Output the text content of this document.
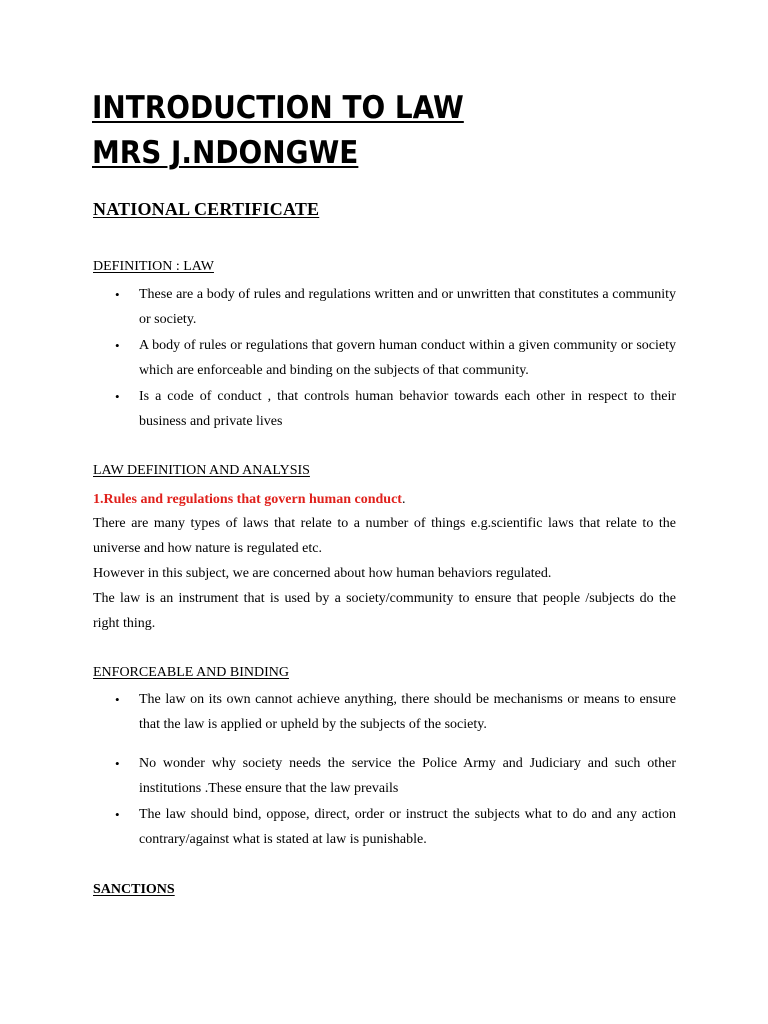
INTRODUCTION TO LAW
MRS J.NDONGWE
NATIONAL CERTIFICATE
DEFINITION : LAW
• These are a body of rules and regulations written and or unwritten that constitutes a community or society.
• A body of rules or regulations that govern human conduct within a given community or society which are enforceable and binding on the subjects of that community.
• Is a code of conduct , that controls human behavior towards each other in respect to their business and private lives
LAW DEFINITION AND ANALYSIS
1.Rules and regulations that govern human conduct.
There are many types of laws that relate to a number of things e.g.scientific laws that relate to the universe and how nature is regulated etc.
However in this subject, we are concerned about how human behaviors regulated.
The law is an instrument that is used by a society/community to ensure that people /subjects do the right thing.
ENFORCEABLE AND BINDING
• The law on its own cannot achieve anything, there should be mechanisms or means to ensure that the law is applied or upheld by the subjects of the society.
• No wonder why society needs the service the Police Army and Judiciary and such other institutions .These ensure that the law prevails
• The law should bind, oppose, direct, order or instruct the subjects what to do and any action contrary/against what is stated at law is punishable.
SANCTIONS
